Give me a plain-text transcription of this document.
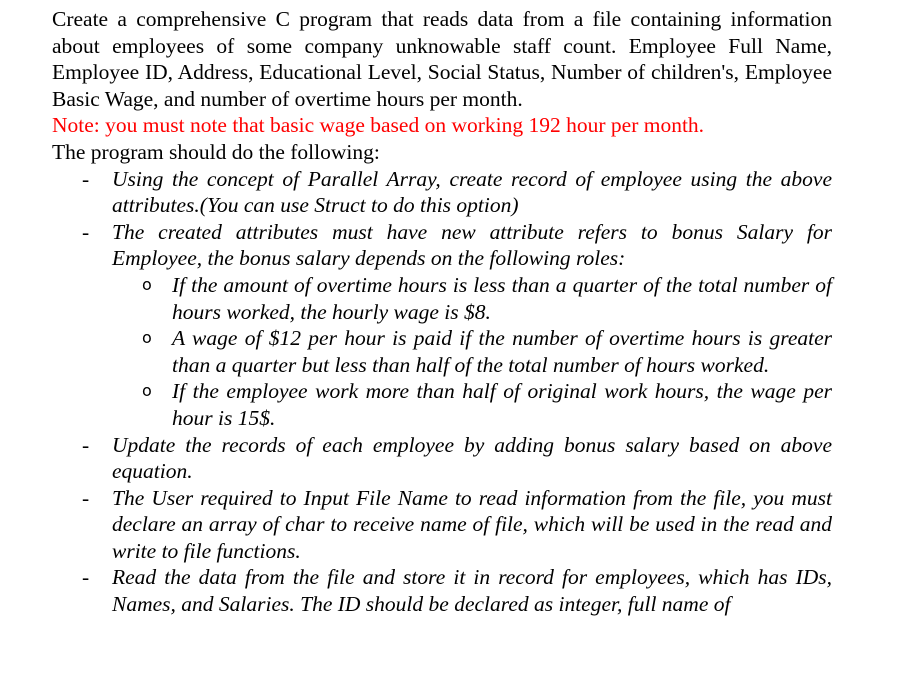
Create a comprehensive C program that reads data from a file containing information about employees of some company unknowable staff count. Employee Full Name, Employee ID, Address, Educational Level, Social Status, Number of children's, Employee Basic Wage, and number of overtime hours per month.

Note: you must note that basic wage based on working 192 hour per month.

The program should do the following:

- Using the concept of Parallel Array, create record of employee using the above attributes.(You can use Struct to do this option)
- The created attributes must have new attribute refers to bonus Salary for Employee, the bonus salary depends on the following roles:
o If the amount of overtime hours is less than a quarter of the total number of hours worked, the hourly wage is $8.
o A wage of $12 per hour is paid if the number of overtime hours is greater than a quarter but less than half of the total number of hours worked.
o If the employee work more than half of original work hours, the wage per hour is 15$.
- Update the records of each employee by adding bonus salary based on above equation.
- The User required to Input File Name to read information from the file, you must declare an array of char to receive name of file, which will be used in the read and write to file functions.
- Read the data from the file and store it in record for employees, which has IDs, Names, and Salaries. The ID should be declared as integer, full name of
